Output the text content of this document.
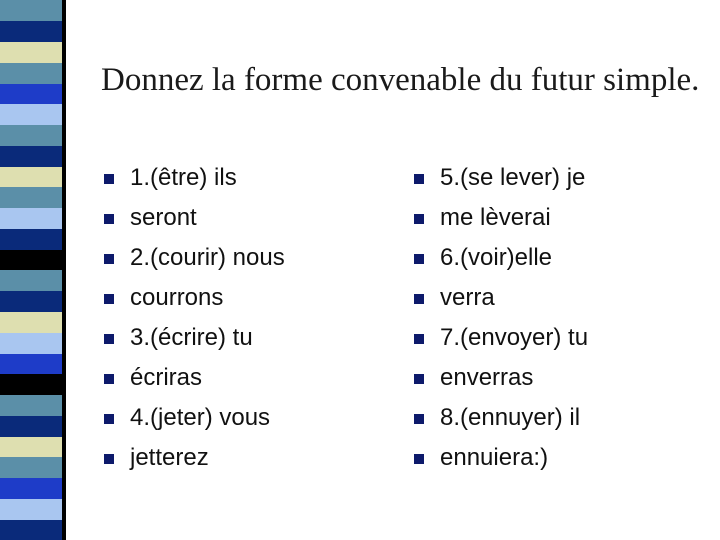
Donnez la forme convenable du futur simple.
1.(être) ils
seront
2.(courir) nous
courrons
3.(écrire) tu
écriras
4.(jeter) vous
jetterez
5.(se lever) je
me lèverai
6.(voir)elle
verra
7.(envoyer) tu
enverras
8.(ennuyer) il
ennuiera:)
